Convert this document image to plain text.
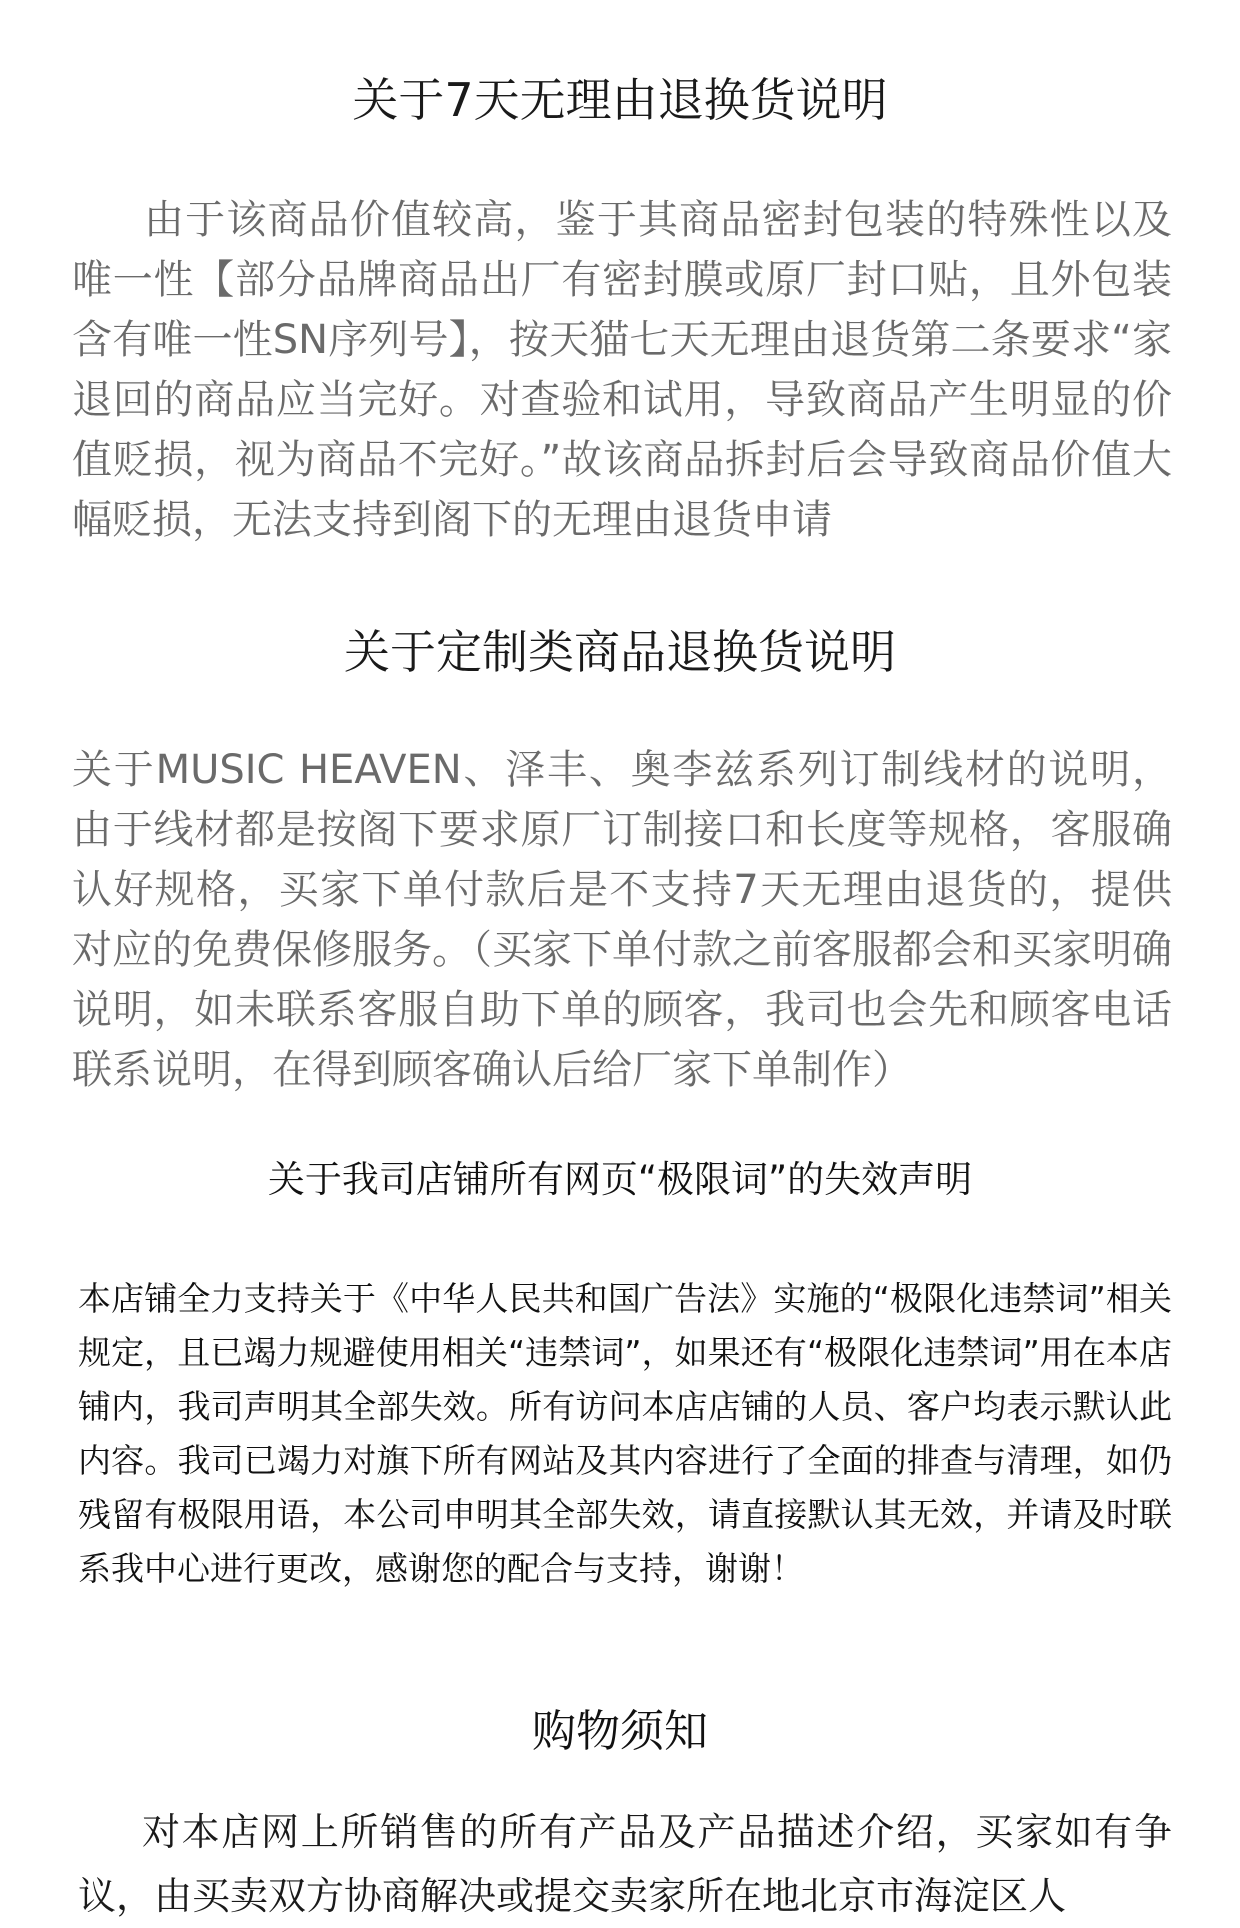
关于7天无理由退换货说明

由于该商品价值较高，鉴于其商品密封包装的特殊性以及唯一性【部分品牌商品出厂有密封膜或原厂封口贴，且外包装含有唯一性SN序列号】，按天猫七天无理由退货第二条要求“家退回的商品应当完好。对查验和试用，导致商品产生明显的价值贬损，视为商品不完好。”故该商品拆封后会导致商品价值大幅贬损，无法支持到阁下的无理由退货申请

关于定制类商品退换货说明

关于MUSIC HEAVEN、泽丰、奥李兹系列订制线材的说明，由于线材都是按阁下要求原厂订制接口和长度等规格，客服确认好规格，买家下单付款后是不支持7天无理由退货的，提供对应的免费保修服务。（买家下单付款之前客服都会和买家明确说明，如未联系客服自助下单的顾客，我司也会先和顾客电话联系说明，在得到顾客确认后给厂家下单制作）

关于我司店铺所有网页“极限词”的失效声明

本店铺全力支持关于《中华人民共和国广告法》实施的“极限化违禁词”相关规定，且已竭力规避使用相关“违禁词”，如果还有“极限化违禁词”用在本店铺内，我司声明其全部失效。所有访问本店店铺的人员、客户均表示默认此内容。我司已竭力对旗下所有网站及其内容进行了全面的排查与清理，如仍残留有极限用语，本公司申明其全部失效，请直接默认其无效，并请及时联系我中心进行更改，感谢您的配合与支持，谢谢！

购物须知

对本店网上所销售的所有产品及产品描述介绍，买家如有争议，由买卖双方协商解决或提交卖家所在地北京市海淀区人
